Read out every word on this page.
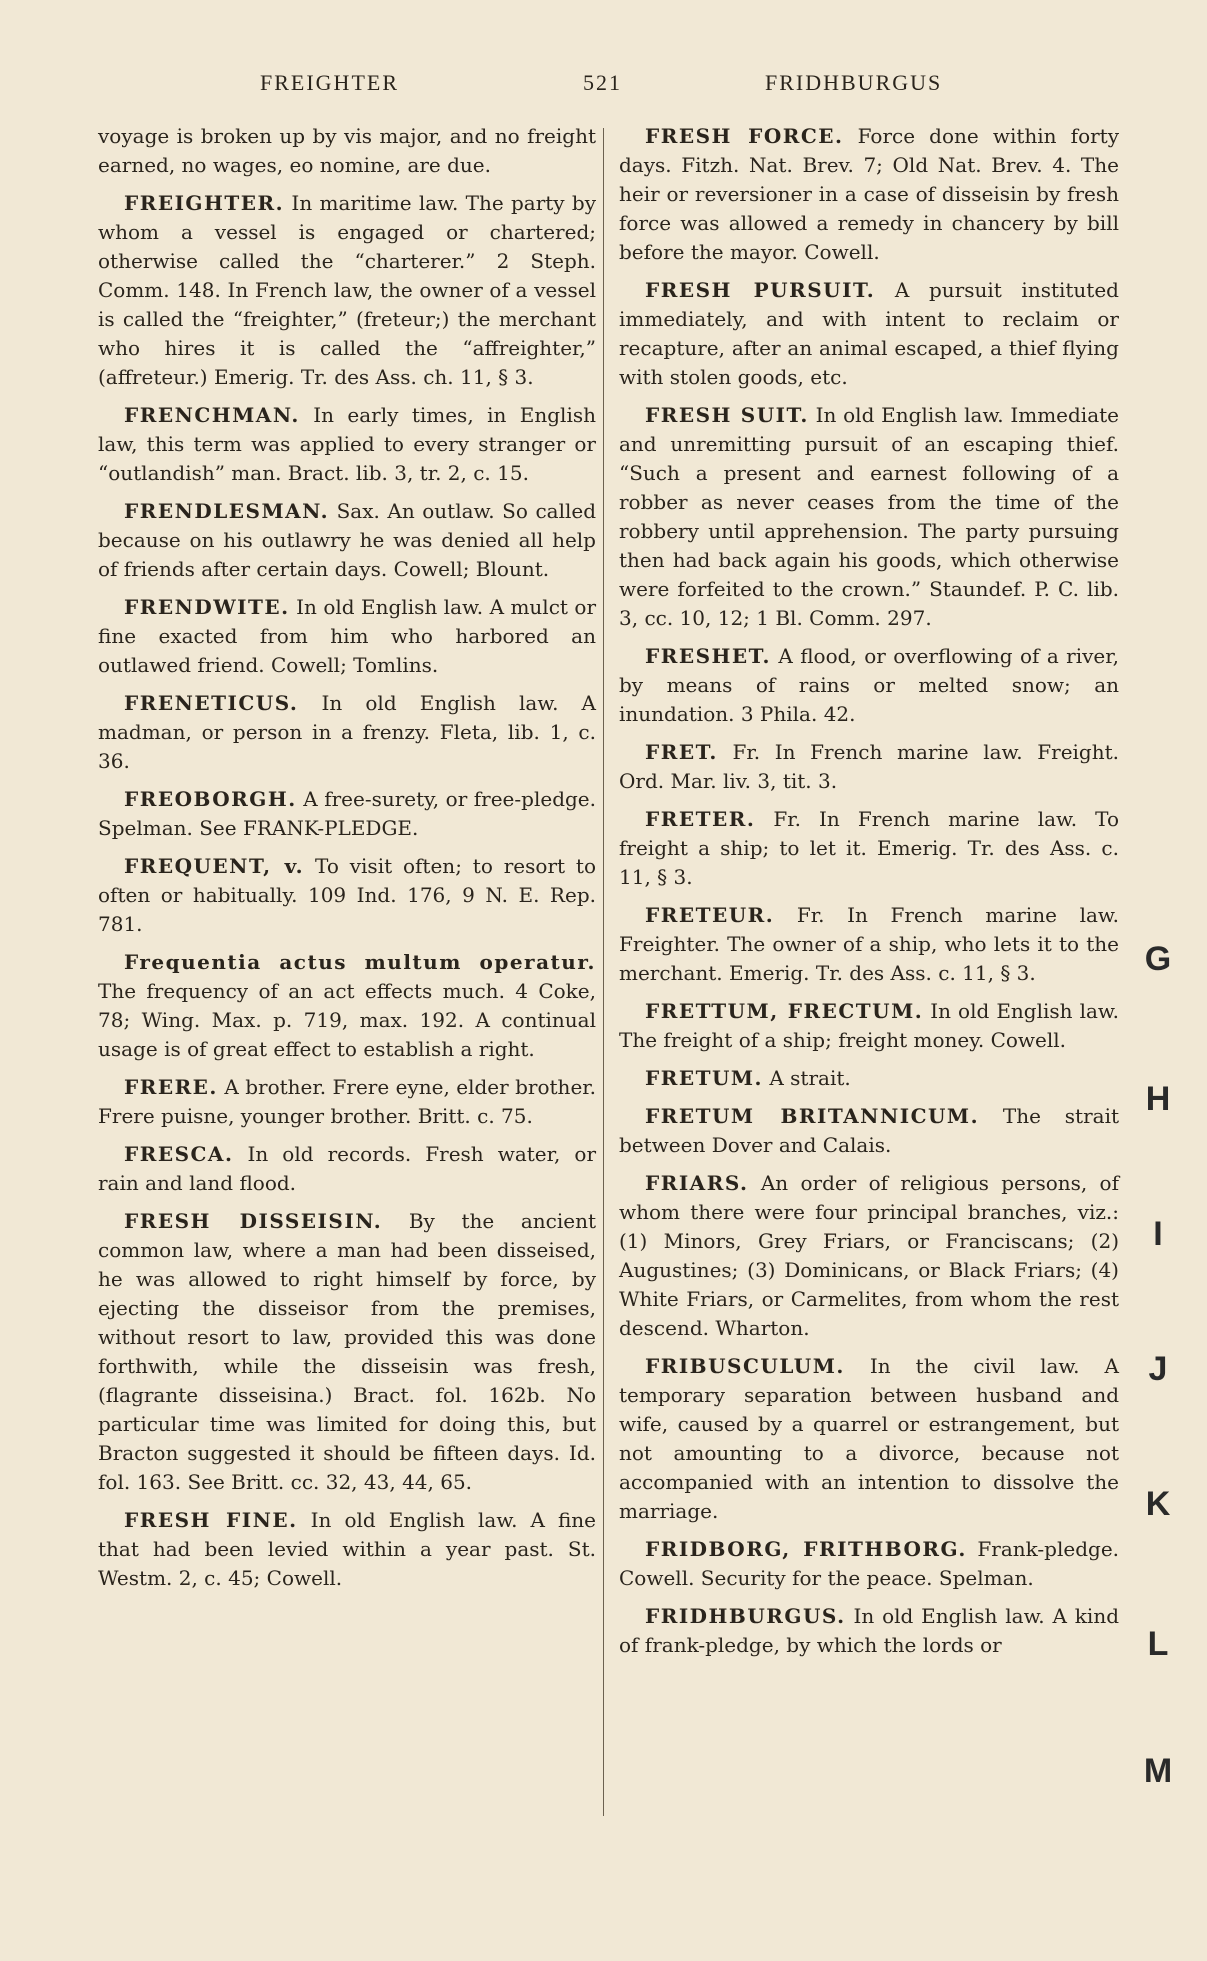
FREIGHTER	521	FRIDHBURGUS

voyage is broken up by vis major, and no freight earned, no wages, eo nomine, are due.

FREIGHTER. In maritime law. The party by whom a vessel is engaged or chartered; otherwise called the “charterer.” 2 Steph. Comm. 148. In French law, the owner of a vessel is called the “freighter,” (freteur;) the merchant who hires it is called the “affreighter,” (affreteur.) Emerig. Tr. des Ass. ch. 11, § 3.

FRENCHMAN. In early times, in English law, this term was applied to every stranger or “outlandish” man. Bract. lib. 3, tr. 2, c. 15.

FRENDLESMAN. Sax. An outlaw. So called because on his outlawry he was denied all help of friends after certain days. Cowell; Blount.

FRENDWITE. In old English law. A mulct or fine exacted from him who harbored an outlawed friend. Cowell; Tomlins.

FRENETICUS. In old English law. A madman, or person in a frenzy. Fleta, lib. 1, c. 36.

FREOBORGH. A free-surety, or free-pledge. Spelman. See FRANK-PLEDGE.

FREQUENT, v. To visit often; to resort to often or habitually. 109 Ind. 176, 9 N. E. Rep. 781.

Frequentia actus multum operatur. The frequency of an act effects much. 4 Coke, 78; Wing. Max. p. 719, max. 192. A continual usage is of great effect to establish a right.

FRERE. A brother. Frere eyne, elder brother. Frere puisne, younger brother. Britt. c. 75.

FRESCA. In old records. Fresh water, or rain and land flood.

FRESH DISSEISIN. By the ancient common law, where a man had been disseised, he was allowed to right himself by force, by ejecting the disseisor from the premises, without resort to law, provided this was done forthwith, while the disseisin was fresh, (flagrante disseisina.) Bract. fol. 162b. No particular time was limited for doing this, but Bracton suggested it should be fifteen days. Id. fol. 163. See Britt. cc. 32, 43, 44, 65.

FRESH FINE. In old English law. A fine that had been levied within a year past. St. Westm. 2, c. 45; Cowell.

FRESH FORCE. Force done within forty days. Fitzh. Nat. Brev. 7; Old Nat. Brev. 4. The heir or reversioner in a case of disseisin by fresh force was allowed a remedy in chancery by bill before the mayor. Cowell.

FRESH PURSUIT. A pursuit instituted immediately, and with intent to reclaim or recapture, after an animal escaped, a thief flying with stolen goods, etc.

FRESH SUIT. In old English law. Immediate and unremitting pursuit of an escaping thief. “Such a present and earnest following of a robber as never ceases from the time of the robbery until apprehension. The party pursuing then had back again his goods, which otherwise were forfeited to the crown.” Staundef. P. C. lib. 3, cc. 10, 12; 1 Bl. Comm. 297.

FRESHET. A flood, or overflowing of a river, by means of rains or melted snow; an inundation. 3 Phila. 42.

FRET. Fr. In French marine law. Freight. Ord. Mar. liv. 3, tit. 3.

FRETER. Fr. In French marine law. To freight a ship; to let it. Emerig. Tr. des Ass. c. 11, § 3.

FRETEUR. Fr. In French marine law. Freighter. The owner of a ship, who lets it to the merchant. Emerig. Tr. des Ass. c. 11, § 3.

FRETTUM, FRECTUM. In old English law. The freight of a ship; freight money. Cowell.

FRETUM. A strait.

FRETUM BRITANNICUM. The strait between Dover and Calais.

FRIARS. An order of religious persons, of whom there were four principal branches, viz.: (1) Minors, Grey Friars, or Franciscans; (2) Augustines; (3) Dominicans, or Black Friars; (4) White Friars, or Carmelites, from whom the rest descend. Wharton.

FRIBUSCULUM. In the civil law. A temporary separation between husband and wife, caused by a quarrel or estrangement, but not amounting to a divorce, because not accompanied with an intention to dissolve the marriage.

FRIDBORG, FRITHBORG. Frank-pledge. Cowell. Security for the peace. Spelman.

FRIDHBURGUS. In old English law. A kind of frank-pledge, by which the lords or

G
H
I
J
K
L
M
